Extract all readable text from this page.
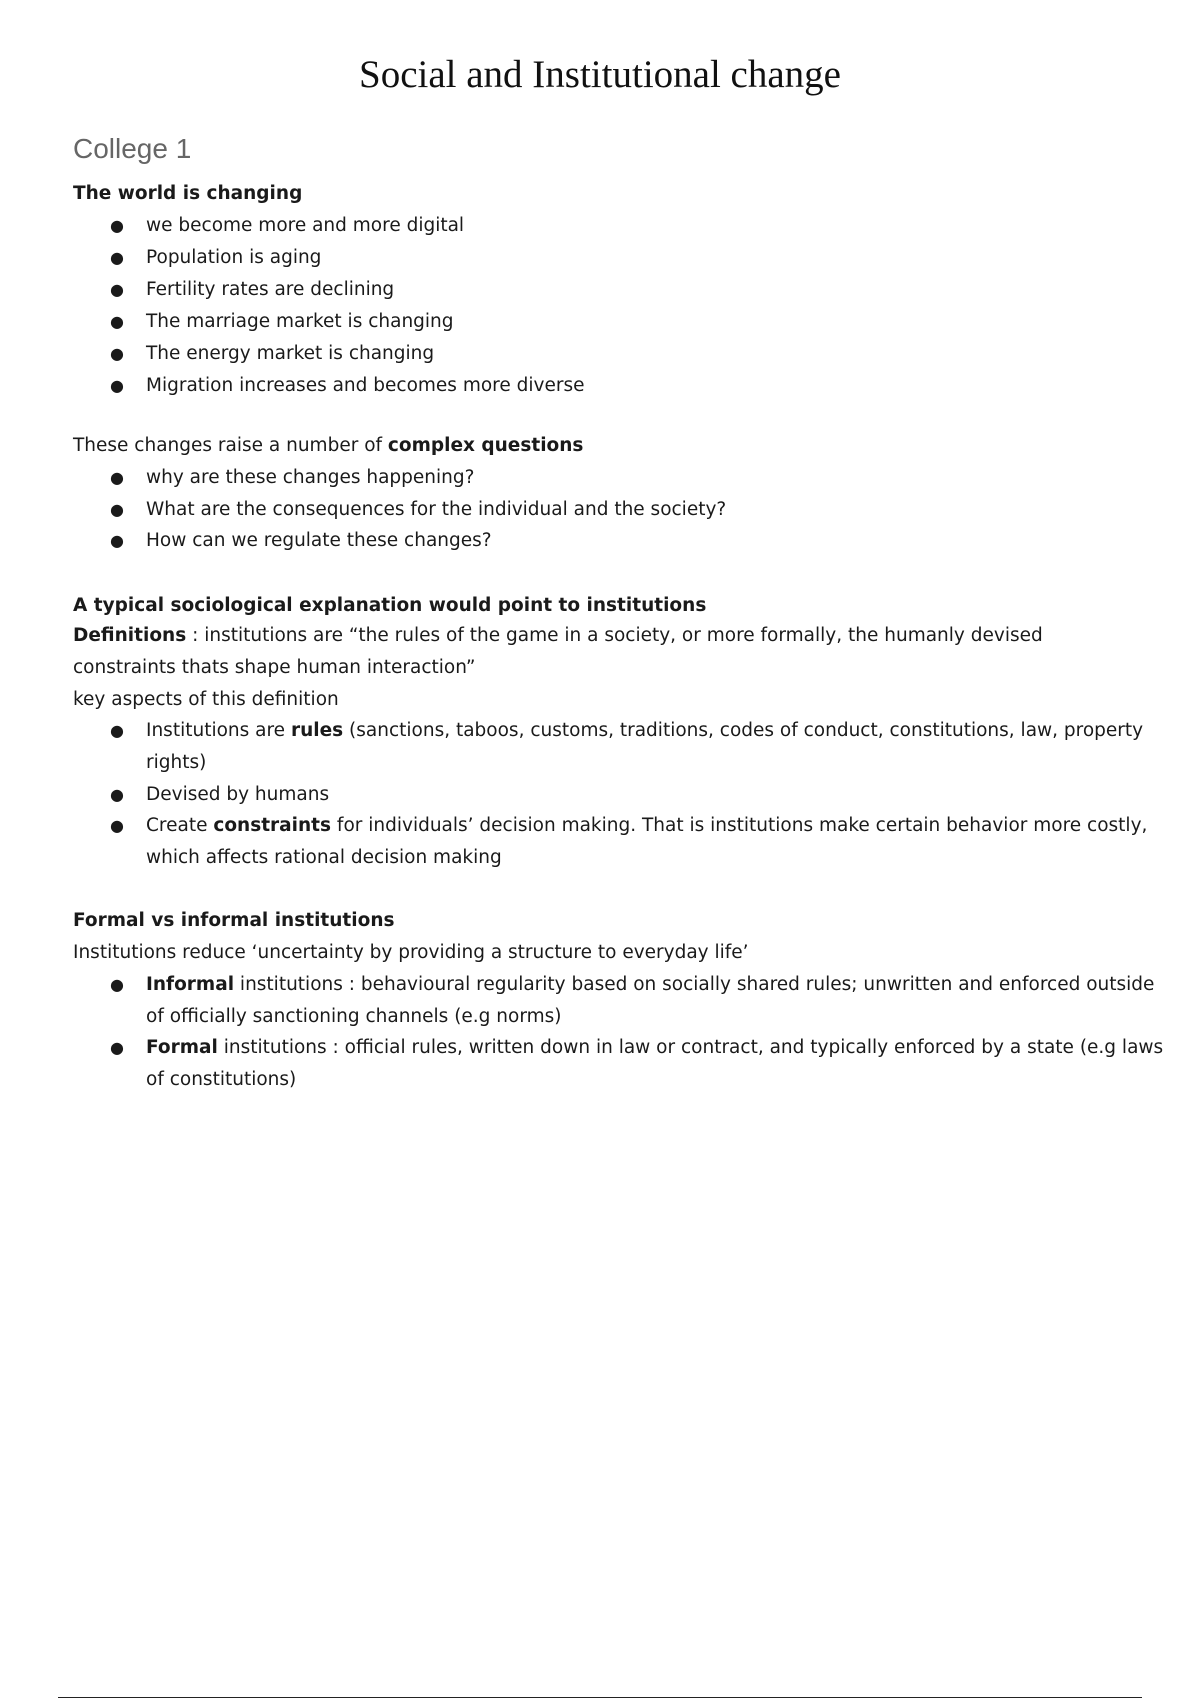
Social and Institutional change
College 1
The world is changing
● we become more and more digital
● Population is aging
● Fertility rates are declining
● The marriage market is changing
● The energy market is changing
● Migration increases and becomes more diverse
These changes raise a number of complex questions
● why are these changes happening?
● What are the consequences for the individual and the society?
● How can we regulate these changes?
A typical sociological explanation would point to institutions
Definitions : institutions are “the rules of the game in a society, or more formally, the humanly devised
constraints thats shape human interaction”
key aspects of this definition
● Institutions are rules (sanctions, taboos, customs, traditions, codes of conduct, constitutions, law, property
rights)
● Devised by humans
● Create constraints for individuals’ decision making. That is institutions make certain behavior more costly,
which affects rational decision making
Formal vs informal institutions
Institutions reduce ‘uncertainty by providing a structure to everyday life’
● Informal institutions : behavioural regularity based on socially shared rules; unwritten and enforced outside
of officially sanctioning channels (e.g norms)
● Formal institutions : official rules, written down in law or contract, and typically enforced by a state (e.g laws
of constitutions)
